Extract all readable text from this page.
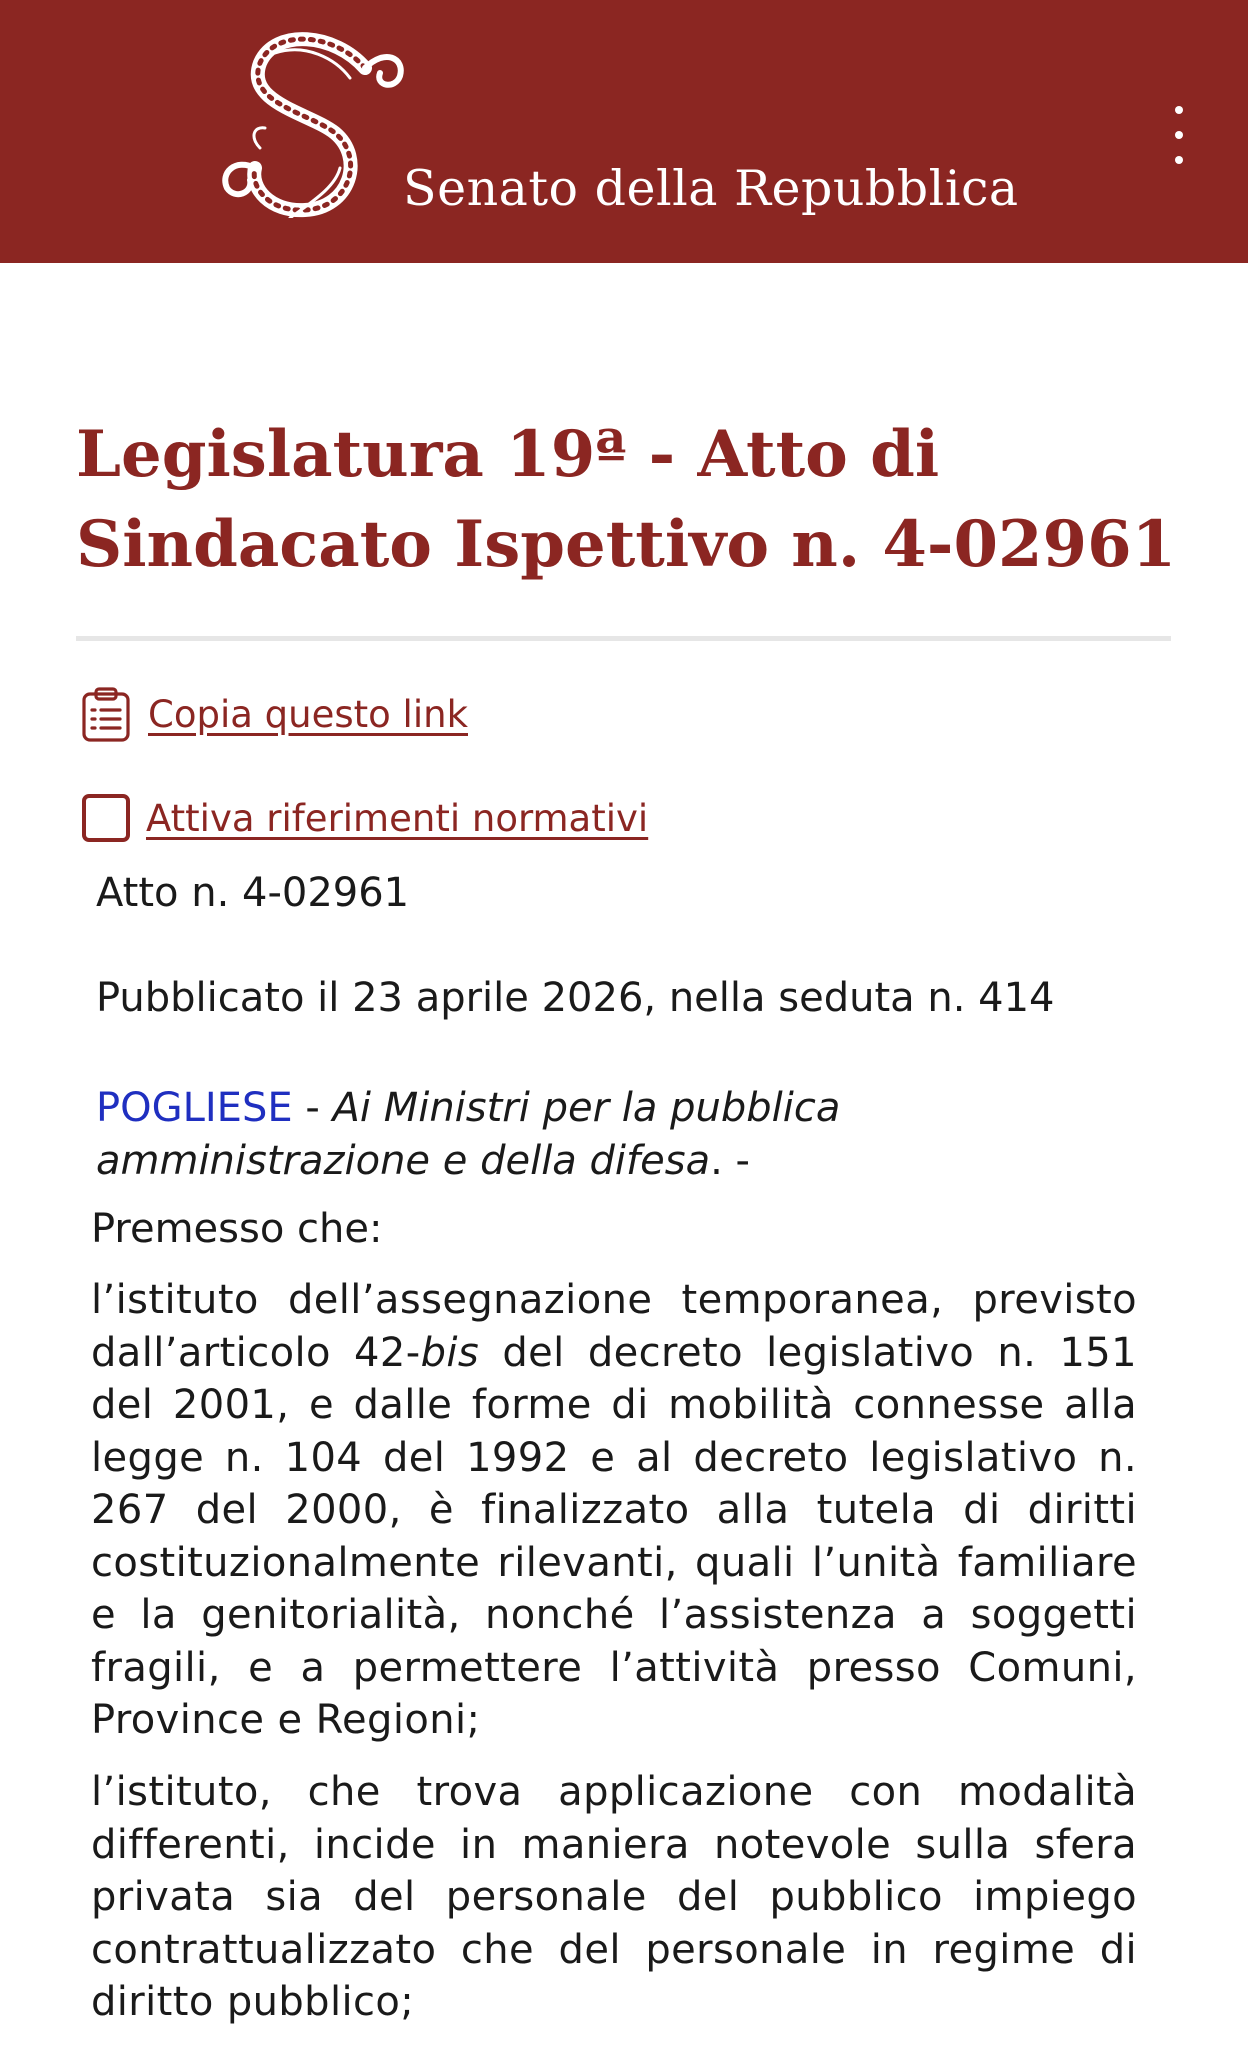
Senato della Repubblica
Legislatura 19ª - Atto di Sindacato Ispettivo n. 4-02961
Copia questo link
Attiva riferimenti normativi
Atto n. 4-02961
Pubblicato il 23 aprile 2026, nella seduta n. 414
POGLIESE - Ai Ministri per la pubblica amministrazione e della difesa. -
Premesso che:

l’istituto dell’assegnazione temporanea, previsto dall’articolo 42-bis del decreto legislativo n. 151 del 2001, e dalle forme di mobilità connesse alla legge n. 104 del 1992 e al decreto legislativo n. 267 del 2000, è finalizzato alla tutela di diritti costituzionalmente rilevanti, quali l’unità familiare e la genitorialità, nonché l’assistenza a soggetti fragili, e a permettere l’attività presso Comuni, Province e Regioni;

l’istituto, che trova applicazione con modalità differenti, incide in maniera notevole sulla sfera privata sia del personale del pubblico impiego contrattualizzato che del personale in regime di diritto pubblico;
